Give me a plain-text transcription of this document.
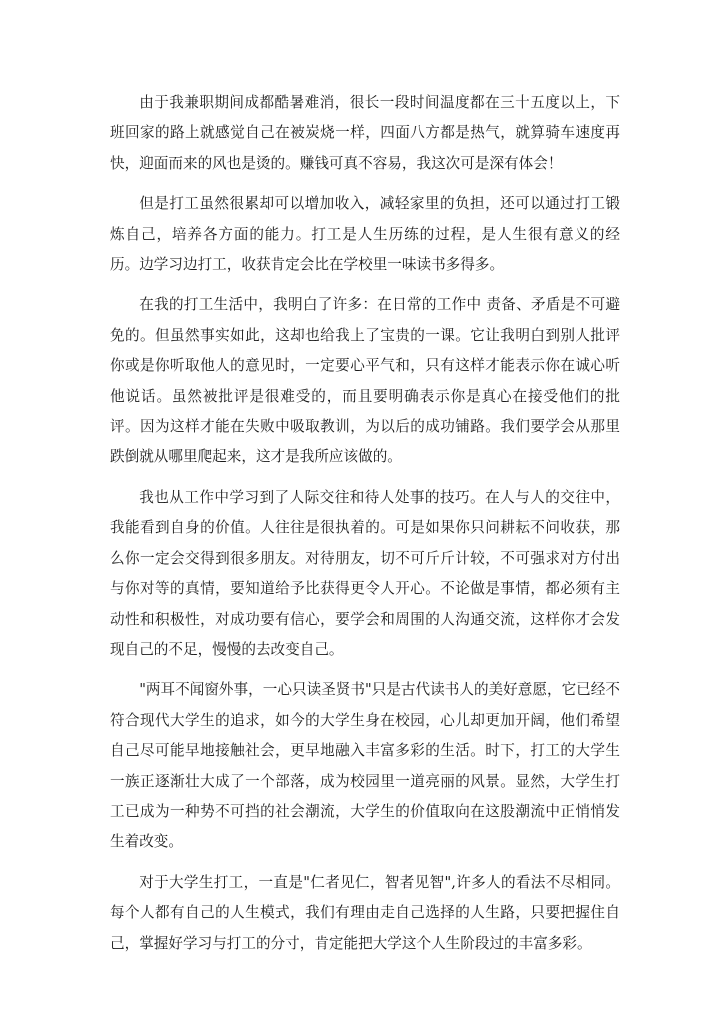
由于我兼职期间成都酷暑难消，很长一段时间温度都在三十五度以上，下班回家的路上就感觉自己在被炭烧一样，四面八方都是热气，就算骑车速度再快，迎面而来的风也是烫的。赚钱可真不容易，我这次可是深有体会！

但是打工虽然很累却可以增加收入，减轻家里的负担，还可以通过打工锻炼自己，培养各方面的能力。打工是人生历练的过程，是人生很有意义的经历。边学习边打工，收获肯定会比在学校里一味读书多得多。

在我的打工生活中，我明白了许多：在日常的工作中 责备、矛盾是不可避免的。但虽然事实如此，这却也给我上了宝贵的一课。它让我明白到别人批评你或是你听取他人的意见时，一定要心平气和，只有这样才能表示你在诚心听他说话。虽然被批评是很难受的，而且要明确表示你是真心在接受他们的批评。因为这样才能在失败中吸取教训，为以后的成功铺路。我们要学会从那里跌倒就从哪里爬起来，这才是我所应该做的。

我也从工作中学习到了人际交往和待人处事的技巧。在人与人的交往中，我能看到自身的价值。人往往是很执着的。可是如果你只问耕耘不问收获，那么你一定会交得到很多朋友。对待朋友，切不可斤斤计较，不可强求对方付出与你对等的真情，要知道给予比获得更令人开心。不论做是事情，都必须有主动性和积极性，对成功要有信心，要学会和周围的人沟通交流，这样你才会发现自己的不足，慢慢的去改变自己。

"两耳不闻窗外事，一心只读圣贤书"只是古代读书人的美好意愿，它已经不符合现代大学生的追求，如今的大学生身在校园，心儿却更加开阔，他们希望自己尽可能早地接触社会，更早地融入丰富多彩的生活。时下，打工的大学生一族正逐渐壮大成了一个部落，成为校园里一道亮丽的风景。显然，大学生打工已成为一种势不可挡的社会潮流，大学生的价值取向在这股潮流中正悄悄发生着改变。

对于大学生打工，一直是"仁者见仁，智者见智",许多人的看法不尽相同。每个人都有自己的人生模式，我们有理由走自己选择的人生路，只要把握住自己，掌握好学习与打工的分寸，肯定能把大学这个人生阶段过的丰富多彩。
